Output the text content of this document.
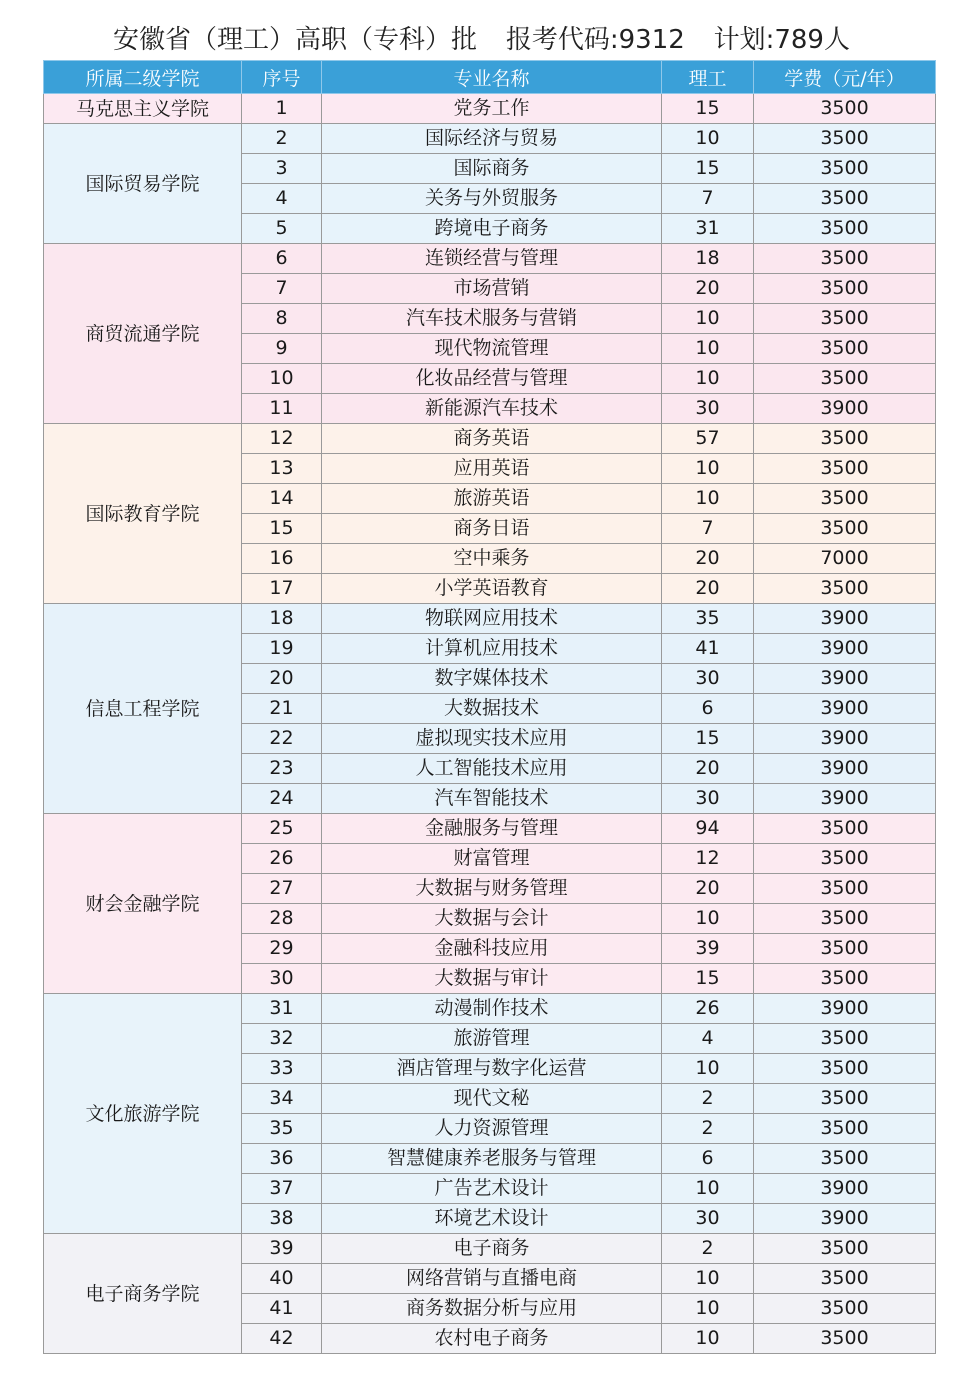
安徽省（理工）高职（专科）批 报考代码:9312 计划:789人
所属二级学院	序号	专业名称	理工	学费（元/年）
马克思主义学院	1	党务工作	15	3500
国际贸易学院	2	国际经济与贸易	10	3500
	3	国际商务	15	3500
	4	关务与外贸服务	7	3500
	5	跨境电子商务	31	3500
商贸流通学院	6	连锁经营与管理	18	3500
	7	市场营销	20	3500
	8	汽车技术服务与营销	10	3500
	9	现代物流管理	10	3500
	10	化妆品经营与管理	10	3500
	11	新能源汽车技术	30	3900
国际教育学院	12	商务英语	57	3500
	13	应用英语	10	3500
	14	旅游英语	10	3500
	15	商务日语	7	3500
	16	空中乘务	20	7000
	17	小学英语教育	20	3500
信息工程学院	18	物联网应用技术	35	3900
	19	计算机应用技术	41	3900
	20	数字媒体技术	30	3900
	21	大数据技术	6	3900
	22	虚拟现实技术应用	15	3900
	23	人工智能技术应用	20	3900
	24	汽车智能技术	30	3900
财会金融学院	25	金融服务与管理	94	3500
	26	财富管理	12	3500
	27	大数据与财务管理	20	3500
	28	大数据与会计	10	3500
	29	金融科技应用	39	3500
	30	大数据与审计	15	3500
文化旅游学院	31	动漫制作技术	26	3900
	32	旅游管理	4	3500
	33	酒店管理与数字化运营	10	3500
	34	现代文秘	2	3500
	35	人力资源管理	2	3500
	36	智慧健康养老服务与管理	6	3500
	37	广告艺术设计	10	3900
	38	环境艺术设计	30	3900
电子商务学院	39	电子商务	2	3500
	40	网络营销与直播电商	10	3500
	41	商务数据分析与应用	10	3500
	42	农村电子商务	10	3500
